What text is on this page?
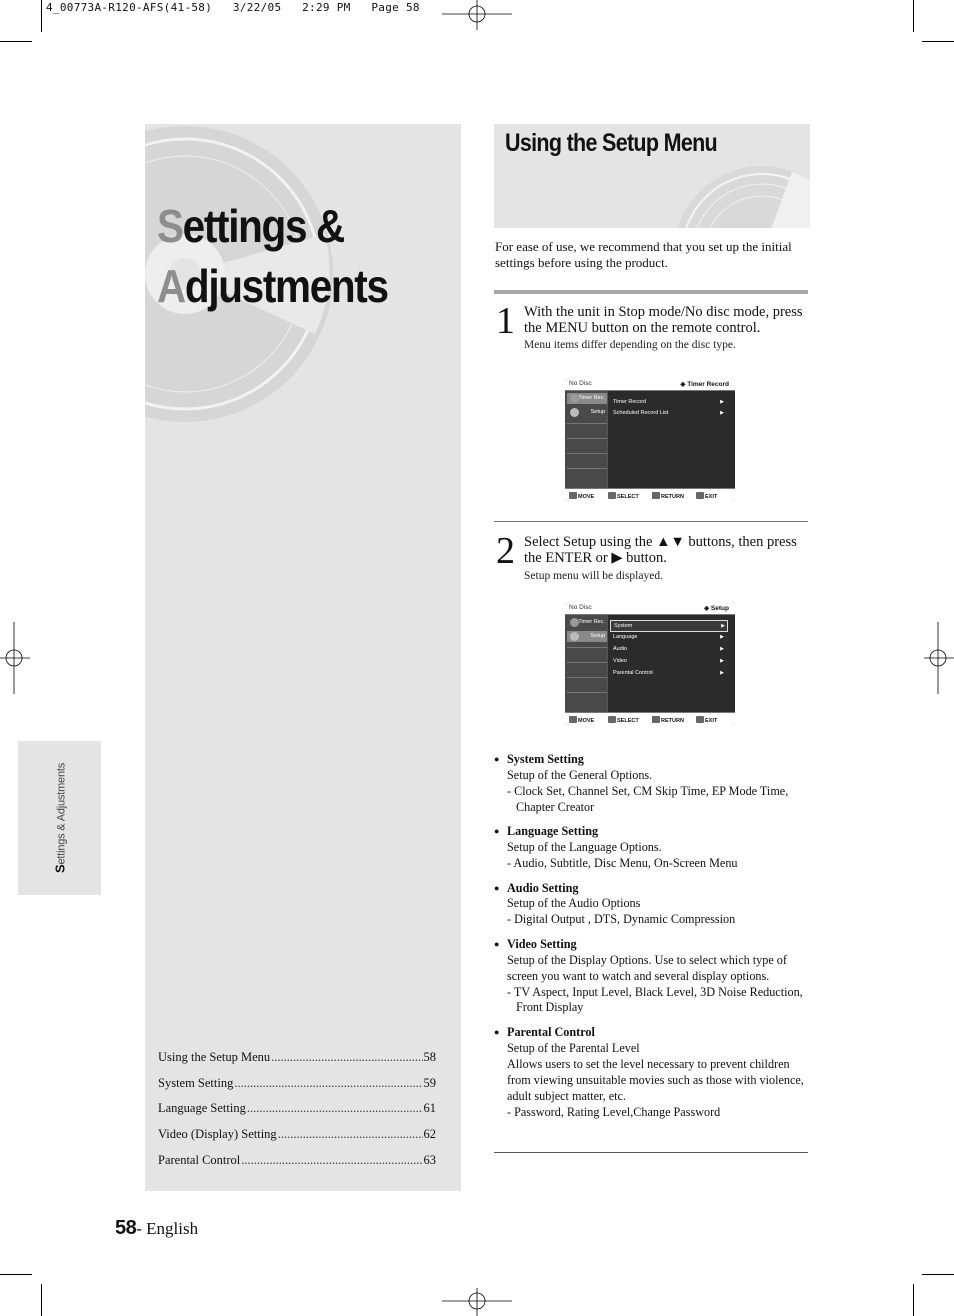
4_00773A-R120-AFS(41-58)   3/22/05   2:29 PM   Page 58
Settings &
Adjustments
Using the Setup Menu .....	58
System Setting .....	59
Language Setting .....	61
Video (Display) Setting .....	62
Parental Control .....	63
Settings & Adjustments
58- English
Using the Setup Menu
For ease of use, we recommend that you set up the initial settings before using the product.
1 With the unit in Stop mode/No disc mode, press the MENU button on the remote control.
Menu items differ depending on the disc type.
No Disc	◈ Timer Record
Timer Rec.
Setup
Timer Record	▶
Scheduled Record List	▶
MOVE	SELECT	RETURN	EXIT
2 Select Setup using the ▲▼ buttons, then press the ENTER or ▶ button.
Setup menu will be displayed.
No Disc	◈ Setup
Timer Rec.
Setup
System	▶
Language	▶
Audio	▶
Video	▶
Parental Control	▶
MOVE	SELECT	RETURN	EXIT
● System Setting
Setup of the General Options.
- Clock Set, Channel Set, CM Skip Time, EP Mode Time, Chapter Creator
● Language Setting
Setup of the Language Options.
- Audio, Subtitle, Disc Menu, On-Screen Menu
● Audio Setting
Setup of the Audio Options
- Digital Output , DTS, Dynamic Compression
● Video Setting
Setup of the Display Options. Use to select which type of screen you want to watch and several display options.
- TV Aspect, Input Level, Black Level, 3D Noise Reduction, Front Display
● Parental Control
Setup of the Parental Level
Allows users to set the level necessary to prevent children from viewing unsuitable movies such as those with violence, adult subject matter, etc.
- Password, Rating Level,Change Password
